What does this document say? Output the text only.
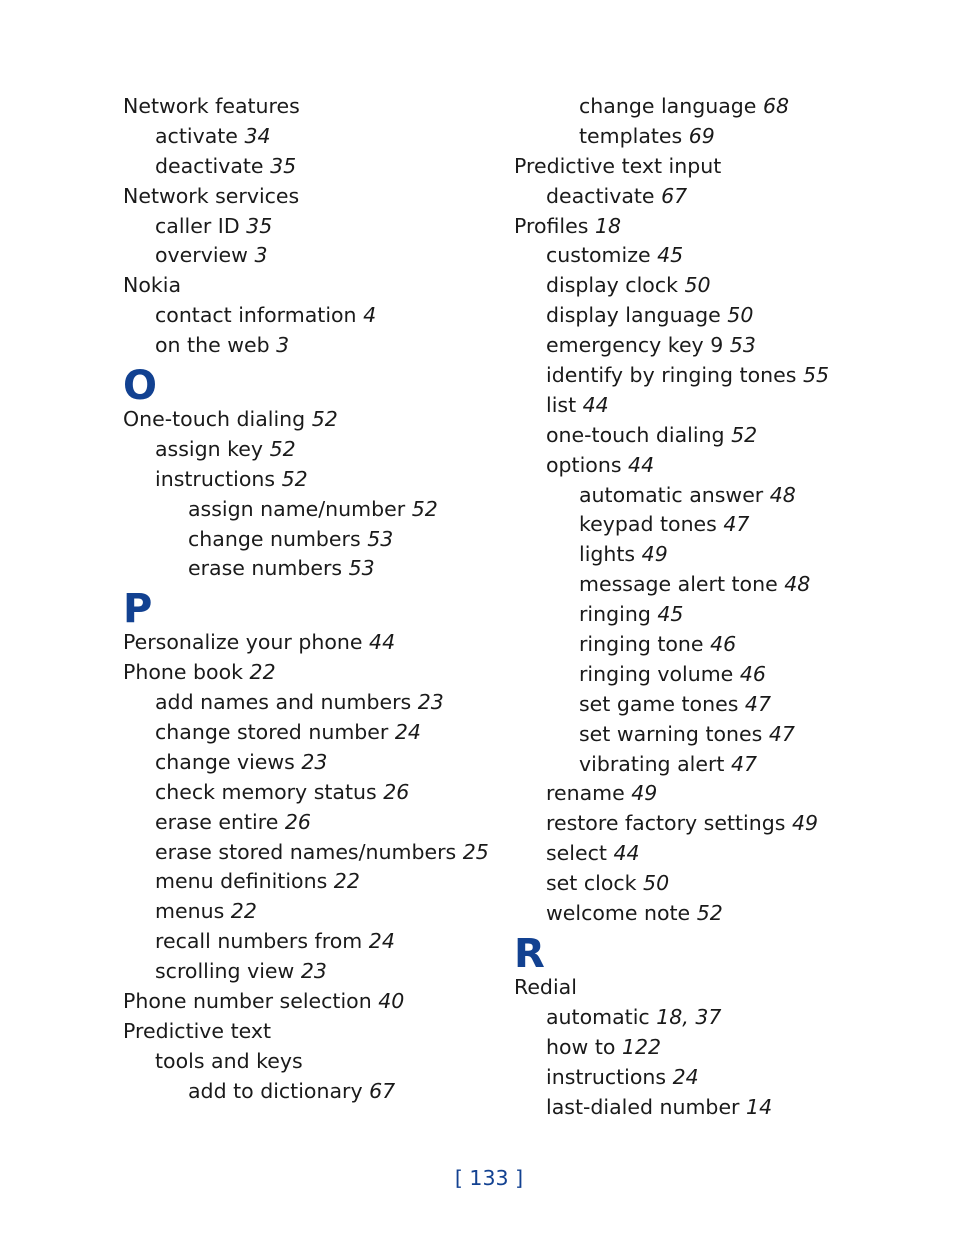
Network features
activate 34
deactivate 35
Network services
caller ID 35
overview 3
Nokia
contact information 4
on the web 3
O
One-touch dialing 52
assign key 52
instructions 52
assign name/number 52
change numbers 53
erase numbers 53
P
Personalize your phone 44
Phone book 22
add names and numbers 23
change stored number 24
change views 23
check memory status 26
erase entire 26
erase stored names/numbers 25
menu definitions 22
menus 22
recall numbers from 24
scrolling view 23
Phone number selection 40
Predictive text
tools and keys
add to dictionary 67
change language 68
templates 69
Predictive text input
deactivate 67
Profiles 18
customize 45
display clock 50
display language 50
emergency key 9 53
identify by ringing tones 55
list 44
one-touch dialing 52
options 44
automatic answer 48
keypad tones 47
lights 49
message alert tone 48
ringing 45
ringing tone 46
ringing volume 46
set game tones 47
set warning tones 47
vibrating alert 47
rename 49
restore factory settings 49
select 44
set clock 50
welcome note 52
R
Redial
automatic 18, 37
how to 122
instructions 24
last-dialed number 14
[ 133 ]
